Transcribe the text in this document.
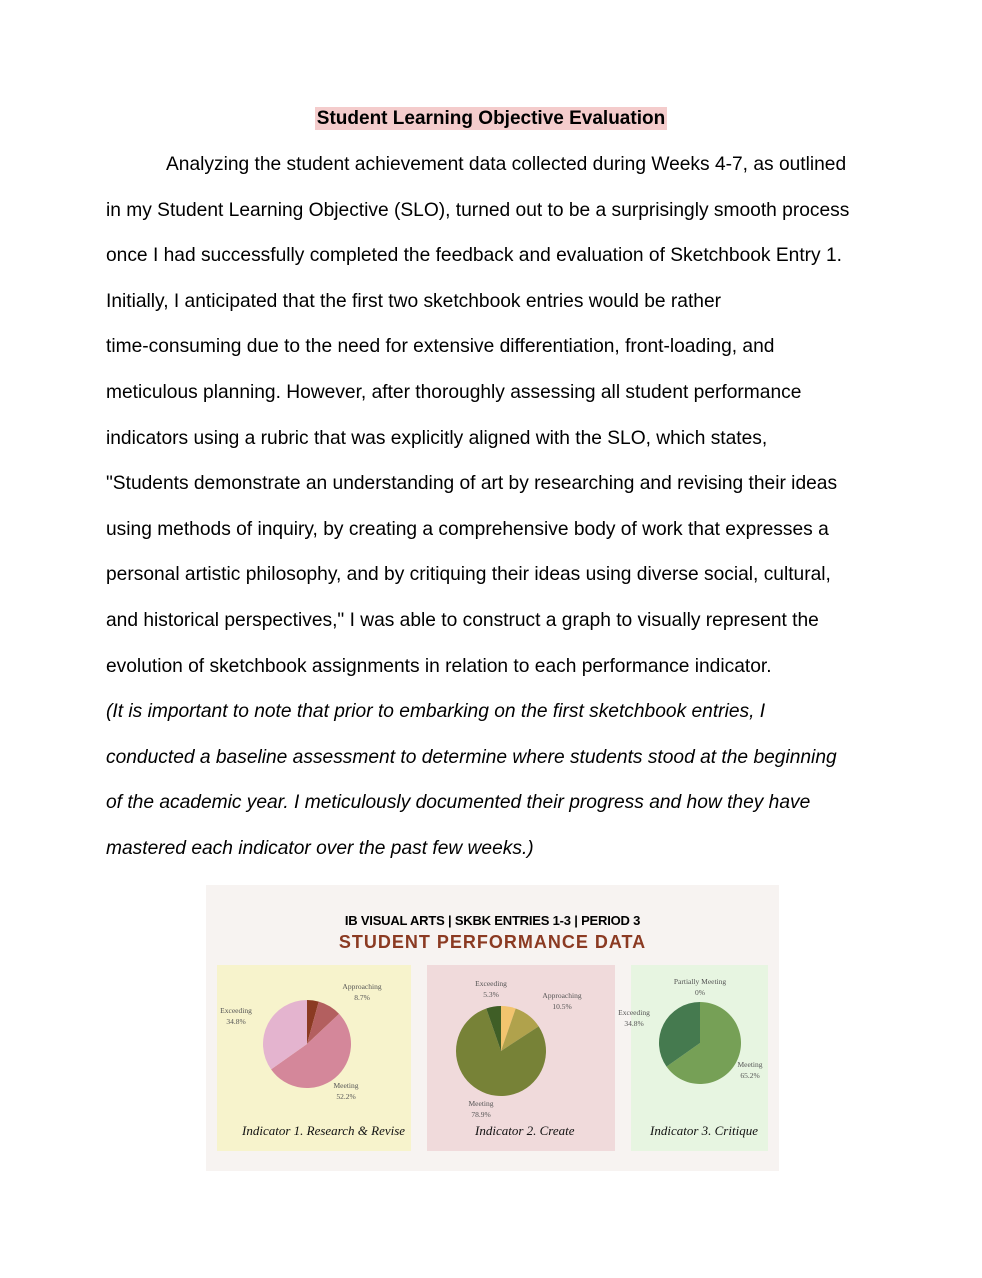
Student Learning Objective Evaluation
Analyzing the student achievement data collected during Weeks 4-7, as outlined
in my Student Learning Objective (SLO), turned out to be a surprisingly smooth process
once I had successfully completed the feedback and evaluation of Sketchbook Entry 1.
Initially, I anticipated that the first two sketchbook entries would be rather
time-consuming due to the need for extensive differentiation, front-loading, and
meticulous planning. However, after thoroughly assessing all student performance
indicators using a rubric that was explicitly aligned with the SLO, which states,
"Students demonstrate an understanding of art by researching and revising their ideas
using methods of inquiry, by creating a comprehensive body of work that expresses a
personal artistic philosophy, and by critiquing their ideas using diverse social, cultural,
and historical perspectives," I was able to construct a graph to visually represent the
evolution of sketchbook assignments in relation to each performance indicator.
(It is important to note that prior to embarking on the first sketchbook entries, I
conducted a baseline assessment to determine where students stood at the beginning
of the academic year. I meticulously documented their progress and how they have
mastered each indicator over the past few weeks.)
IB VISUAL ARTS | SKBK ENTRIES 1-3 | PERIOD 3
STUDENT PERFORMANCE DATA
Approaching
8.7%
Exceeding
34.8%
Meeting
52.2%
Indicator 1. Research & Revise
Exceeding
5.3%	Approaching
10.5%
Meeting
78.9%
Indicator 2. Create
Partially Meeting
0%
Exceeding
34.8%
Meeting
65.2%
Indicator 3. Critique
